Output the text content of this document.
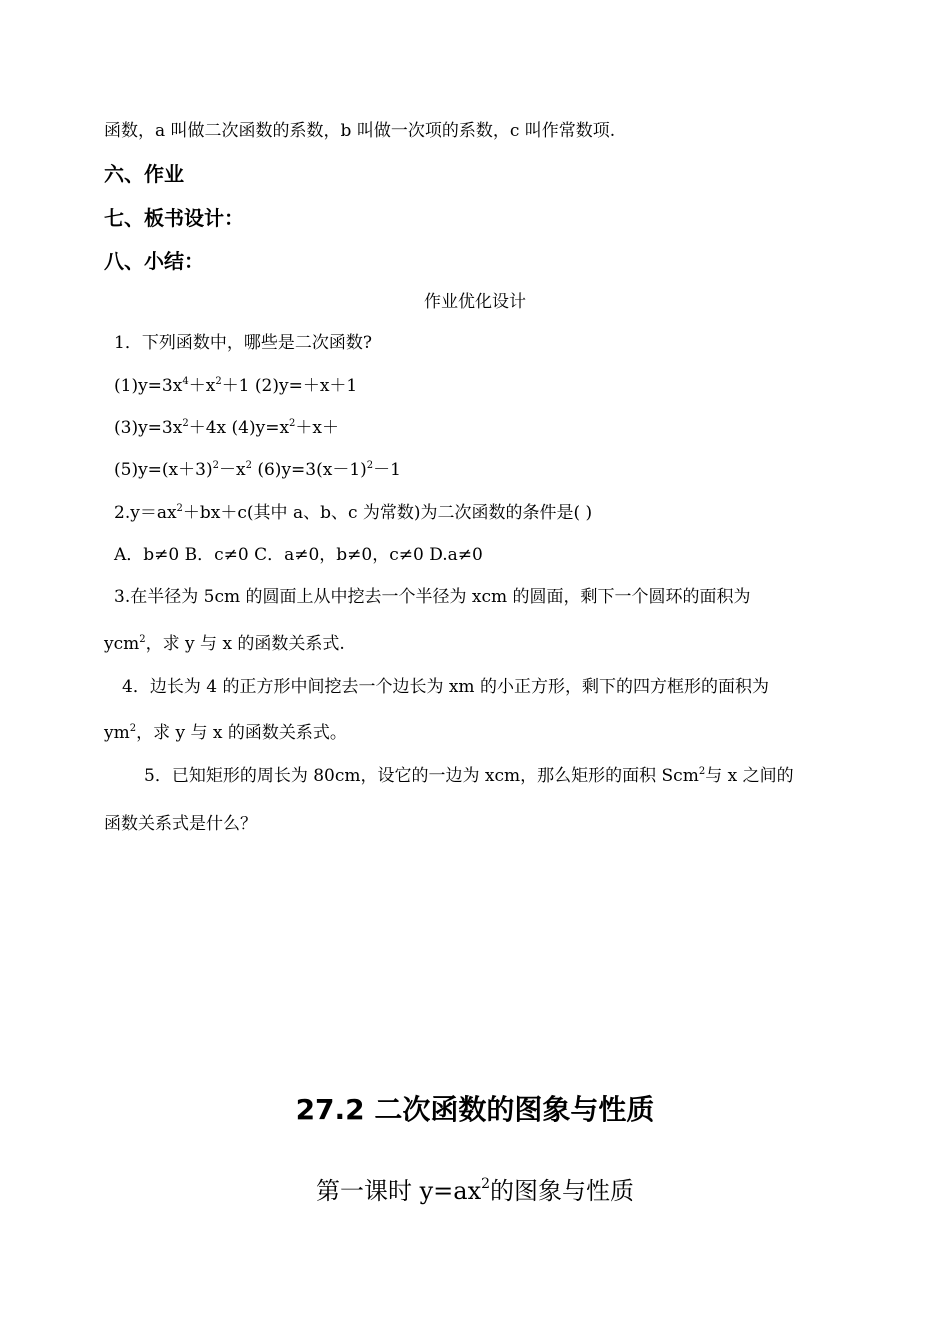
函数，a 叫做二次函数的系数，b 叫做一次项的系数，c 叫作常数项.
六、作业
七、板书设计：
八、小结：
作业优化设计
1．下列函数中，哪些是二次函数?
$(1)y=3x^4+x^2+1$ (2)y=＋x＋1
$(3)y=3x^2+4x$ $(4)y=x^2+x+$
$(5)y=(x+3)^2-x^2$ $(6)y=3(x-1)^2-1$
$2.y=ax^2+bx+c$(其中 a、b、c 为常数)为二次函数的条件是( )
A．b≠0 B．c≠0 C．a≠0，b≠0，c≠0 D.a≠0
3.在半径为 5cm 的圆面上从中挖去一个半径为 xcm 的圆面，剩下一个圆环的面积为
ycm$^2$，求 y 与 x 的函数关系式.
4．边长为 4 的正方形中间挖去一个边长为 xm 的小正方形，剩下的四方框形的面积为
$ym^2$，求 y 与 x 的函数关系式。
5．已知矩形的周长为 80cm，设它的一边为 xcm，那么矩形的面积 Scm$^2$与 x 之间的
函数关系式是什么？
27.2 二次函数的图象与性质
第一课时 $y=ax^2$的图象与性质
